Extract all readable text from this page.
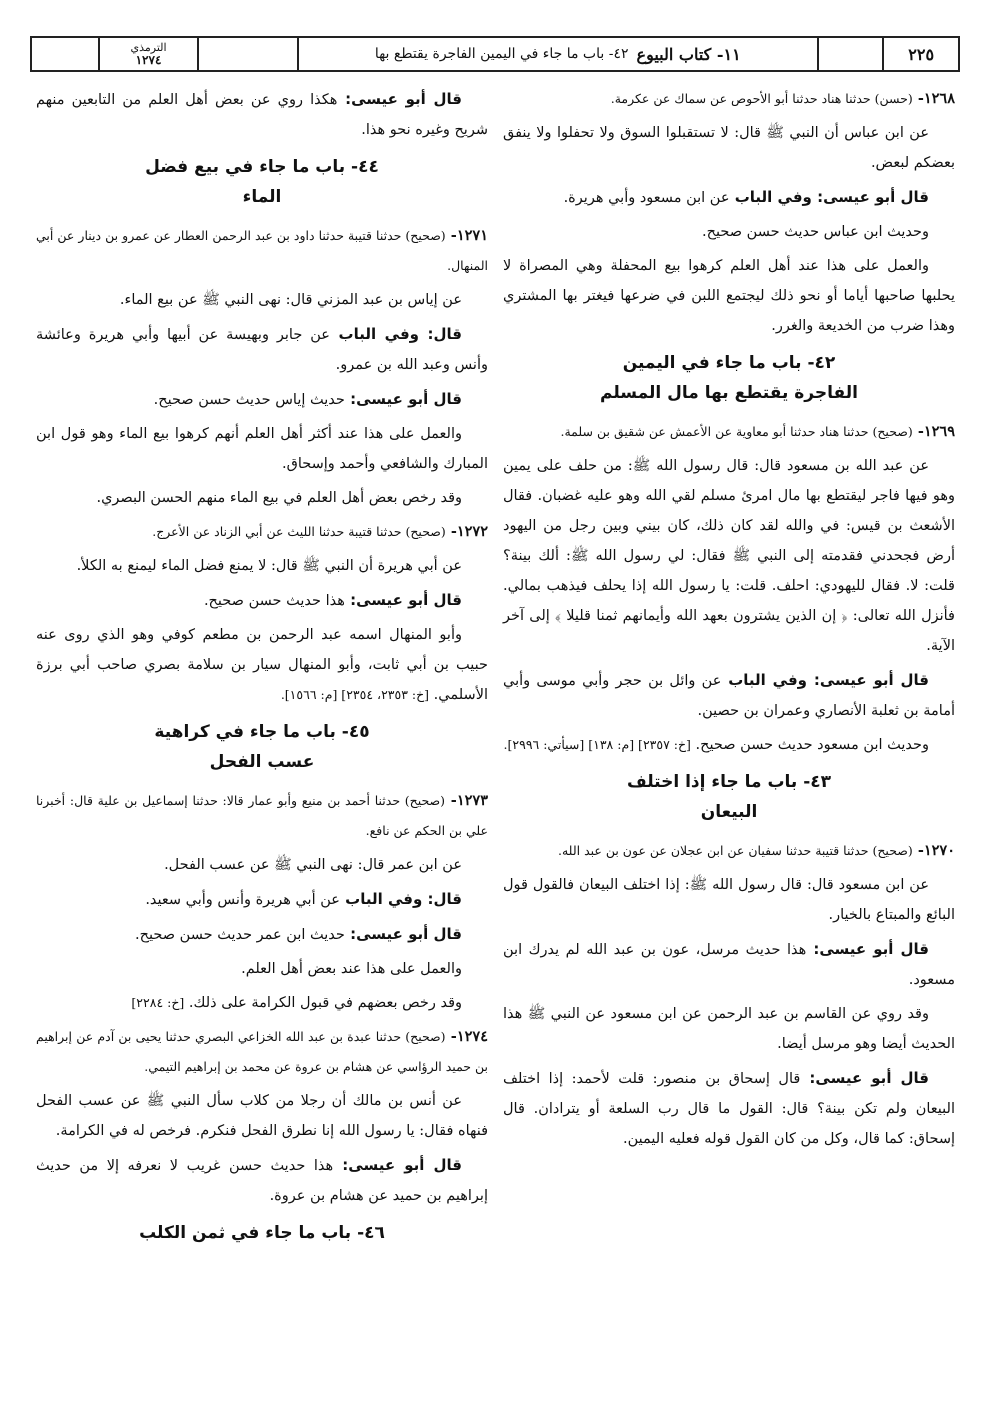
الترمذي
١٢٧٤	١١- كتاب البيوع
٤٢- باب ما جاء في اليمين الفاجرة يقتطع بها	٢٢٥

١٢٦٨- (حسن) حدثنا هناد حدثنا أبو الأحوص عن سماك عن عكرمة.

عن ابن عباس أن النبي ﷺ قال: لا تستقبلوا السوق ولا تحفلوا ولا ينفق بعضكم لبعض.

قال أبو عيسى: وفي الباب عن ابن مسعود وأبي هريرة.

وحديث ابن عباس حديث حسن صحيح.

والعمل على هذا عند أهل العلم كرهوا بيع المحفلة وهي المصراة لا يحلبها صاحبها أياما أو نحو ذلك ليجتمع اللبن في ضرعها فيغتر بها المشتري وهذا ضرب من الخديعة والغرر.

٤٢- باب ما جاء في اليمين
الفاجرة يقتطع بها مال المسلم

١٢٦٩- (صحيح) حدثنا هناد حدثنا أبو معاوية عن الأعمش عن شقيق بن سلمة.

عن عبد الله بن مسعود قال: قال رسول الله ﷺ: من حلف على يمين وهو فيها فاجر ليقتطع بها مال امرئ مسلم لقي الله وهو عليه غضبان. فقال الأشعث بن قيس: في والله لقد كان ذلك، كان بيني وبين رجل من اليهود أرض فجحدني فقدمته إلى النبي ﷺ فقال: لي رسول الله ﷺ: ألك بينة؟ قلت: لا. فقال لليهودي: احلف. قلت: يا رسول الله إذا يحلف فيذهب بمالي. فأنزل الله تعالى: ﴿ إن الذين يشترون بعهد الله وأيمانهم ثمنا قليلا ﴾ إلى آخر الآية.

قال أبو عيسى: وفي الباب عن وائل بن حجر وأبي موسى وأبي أمامة بن ثعلبة الأنصاري وعمران بن حصين.

وحديث ابن مسعود حديث حسن صحيح. [خ: ٢٣٥٧] [م: ١٣٨] [سيأتي: ٢٩٩٦].

٤٣- باب ما جاء إذا اختلف
البيعان

١٢٧٠- (صحيح) حدثنا قتيبة حدثنا سفيان عن ابن عجلان عن عون بن عبد الله.

عن ابن مسعود قال: قال رسول الله ﷺ: إذا اختلف البيعان فالقول قول البائع والمبتاع بالخيار.

قال أبو عيسى: هذا حديث مرسل، عون بن عبد الله لم يدرك ابن مسعود.

وقد روي عن القاسم بن عبد الرحمن عن ابن مسعود عن النبي ﷺ هذا الحديث أيضا وهو مرسل أيضا.

قال أبو عيسى: قال إسحاق بن منصور: قلت لأحمد: إذا اختلف البيعان ولم تكن بينة؟ قال: القول ما قال رب السلعة أو يترادان. قال إسحاق: كما قال، وكل من كان القول قوله فعليه اليمين.

قال أبو عيسى: هكذا روي عن بعض أهل العلم من التابعين منهم شريح وغيره نحو هذا.

٤٤- باب ما جاء في بيع فضل
الماء

١٢٧١- (صحيح) حدثنا قتيبة حدثنا داود بن عبد الرحمن العطار عن عمرو بن دينار عن أبي المنهال.

عن إياس بن عبد المزني قال: نهى النبي ﷺ عن بيع الماء.

قال: وفي الباب عن جابر وبهيسة عن أبيها وأبي هريرة وعائشة وأنس وعبد الله بن عمرو.

قال أبو عيسى: حديث إياس حديث حسن صحيح.

والعمل على هذا عند أكثر أهل العلم أنهم كرهوا بيع الماء وهو قول ابن المبارك والشافعي وأحمد وإسحاق.

وقد رخص بعض أهل العلم في بيع الماء منهم الحسن البصري.

١٢٧٢- (صحيح) حدثنا قتيبة حدثنا الليث عن أبي الزناد عن الأعرج.

عن أبي هريرة أن النبي ﷺ قال: لا يمنع فضل الماء ليمنع به الكلأ.

قال أبو عيسى: هذا حديث حسن صحيح.

وأبو المنهال اسمه عبد الرحمن بن مطعم كوفي وهو الذي روى عنه حبيب بن أبي ثابت، وأبو المنهال سيار بن سلامة بصري صاحب أبي برزة الأسلمي. [خ: ٢٣٥٣، ٢٣٥٤] [م: ١٥٦٦].

٤٥- باب ما جاء في كراهية
عسب الفحل

١٢٧٣- (صحيح) حدثنا أحمد بن منيع وأبو عمار قالا: حدثنا إسماعيل بن علية قال: أخبرنا علي بن الحكم عن نافع.

عن ابن عمر قال: نهى النبي ﷺ عن عسب الفحل.

قال: وفي الباب عن أبي هريرة وأنس وأبي سعيد.

قال أبو عيسى: حديث ابن عمر حديث حسن صحيح.

والعمل على هذا عند بعض أهل العلم.

وقد رخص بعضهم في قبول الكرامة على ذلك. [خ: ٢٢٨٤]

١٢٧٤- (صحيح) حدثنا عبدة بن عبد الله الخزاعي البصري حدثنا يحيى بن آدم عن إبراهيم بن حميد الرؤاسي عن هشام بن عروة عن محمد بن إبراهيم التيمي.

عن أنس بن مالك أن رجلا من كلاب سأل النبي ﷺ عن عسب الفحل فنهاه فقال: يا رسول الله إنا نطرق الفحل فنكرم. فرخص له في الكرامة.

قال أبو عيسى: هذا حديث حسن غريب لا نعرفه إلا من حديث إبراهيم بن حميد عن هشام بن عروة.

٤٦- باب ما جاء في ثمن الكلب
